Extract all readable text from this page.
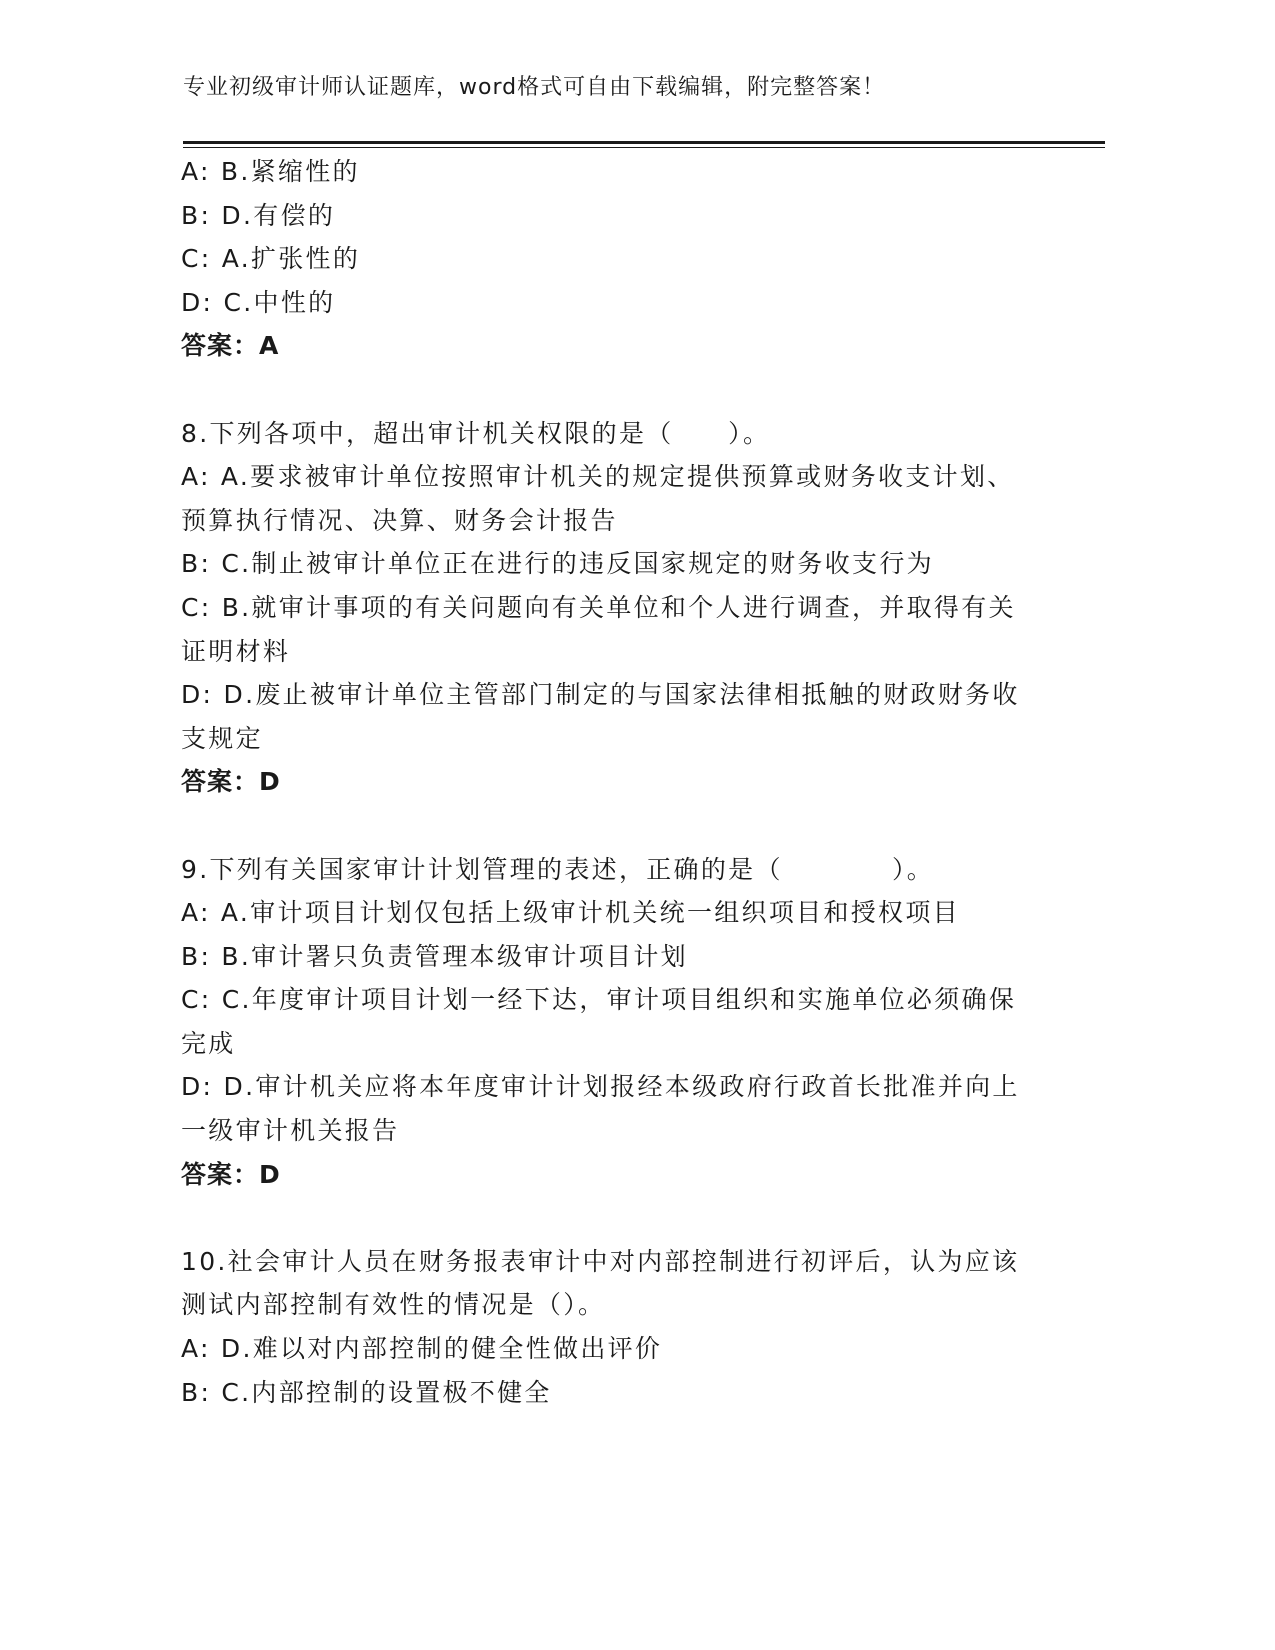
专业初级审计师认证题库，word格式可自由下载编辑，附完整答案！
A: B.紧缩性的
B: D.有偿的
C: A.扩张性的
D: C.中性的
答案：A
8.下列各项中，超出审计机关权限的是（　　）。
A: A.要求被审计单位按照审计机关的规定提供预算或财务收支计划、
预算执行情况、决算、财务会计报告
B: C.制止被审计单位正在进行的违反国家规定的财务收支行为
C: B.就审计事项的有关问题向有关单位和个人进行调查，并取得有关
证明材料
D: D.废止被审计单位主管部门制定的与国家法律相抵触的财政财务收
支规定
答案：D
9.下列有关国家审计计划管理的表述，正确的是（　　　　）。
A: A.审计项目计划仅包括上级审计机关统一组织项目和授权项目
B: B.审计署只负责管理本级审计项目计划
C: C.年度审计项目计划一经下达，审计项目组织和实施单位必须确保
完成
D: D.审计机关应将本年度审计计划报经本级政府行政首长批准并向上
一级审计机关报告
答案：D
10.社会审计人员在财务报表审计中对内部控制进行初评后，认为应该
测试内部控制有效性的情况是（）。
A: D.难以对内部控制的健全性做出评价
B: C.内部控制的设置极不健全
